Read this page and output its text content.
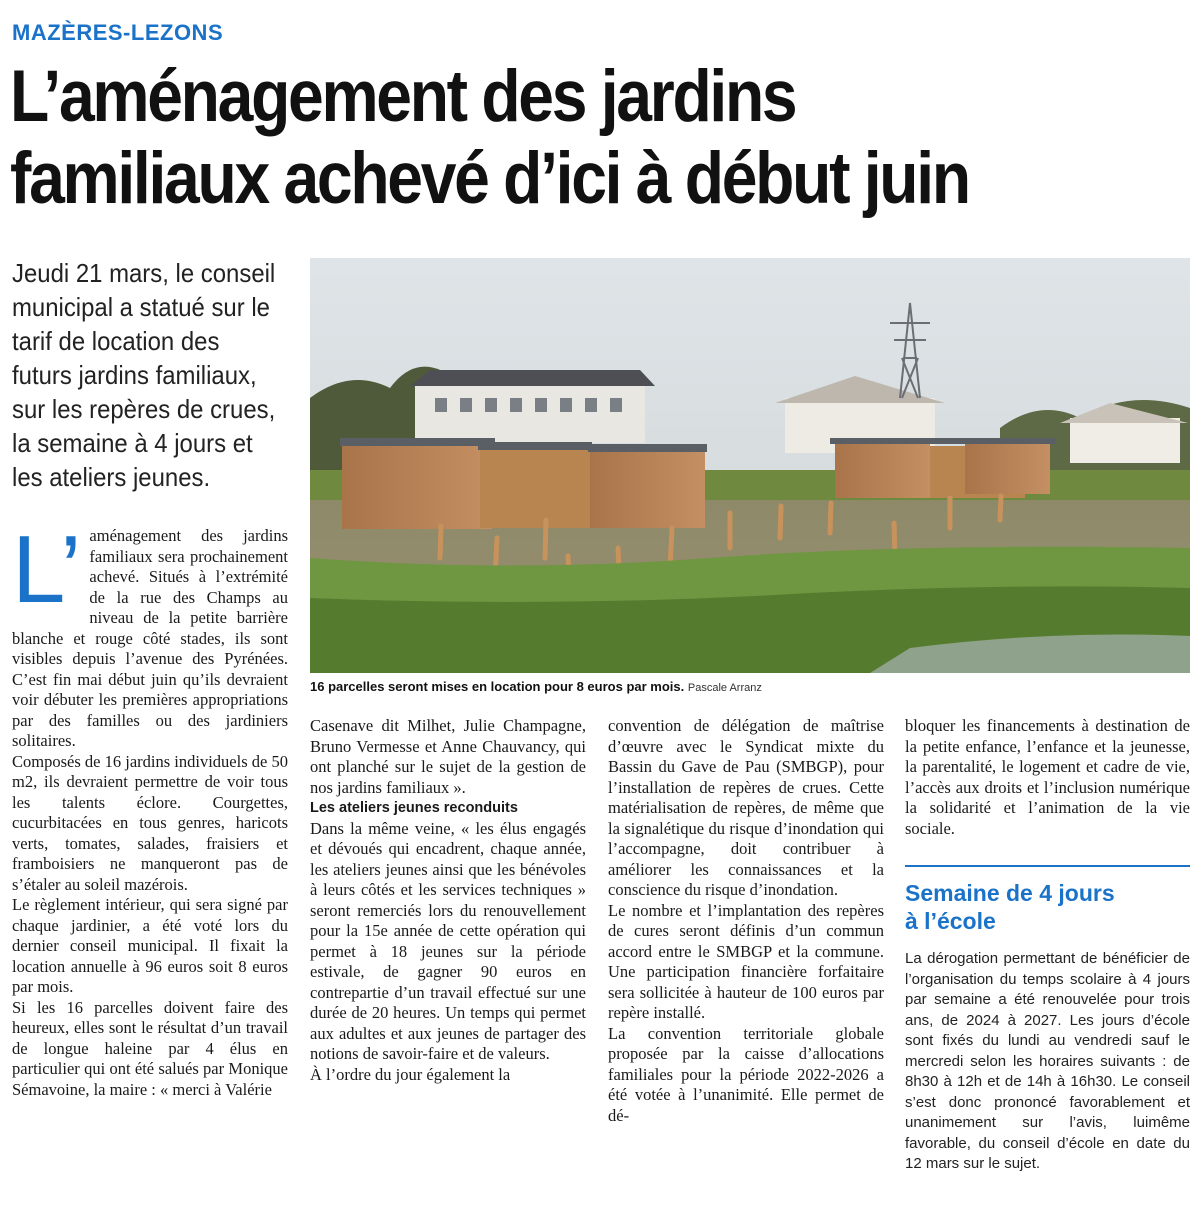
MAZÈRES-LEZONS
L’aménagement des jardins
familiaux achevé d’ici à début juin

Jeudi 21 mars, le conseil municipal a statué sur le tarif de location des futurs jardins familiaux, sur les repères de crues, la semaine à 4 jours et les ateliers jeunes.

16 parcelles seront mises en location pour 8 euros par mois. Pascale Arranz
L’ aménagement des jardins familiaux sera prochainement achevé. Situés à l’extrémité de la rue des Champs au niveau de la petite barrière blanche et rouge côté stades, ils sont visibles depuis l’avenue des Pyrénées. C’est fin mai début juin qu’ils devraient voir débuter les premières appropriations par des familles ou des jardiniers solitaires.

Composés de 16 jardins individuels de 50 m2, ils devraient permettre de voir tous les talents éclore. Courgettes, cucurbitacées en tous genres, haricots verts, tomates, salades, fraisiers et framboisiers ne manqueront pas de s’étaler au soleil mazérois.

Le règlement intérieur, qui sera signé par chaque jardinier, a été voté lors du dernier conseil municipal. Il fixait la location annuelle à 96 euros soit 8 euros par mois.

Si les 16 parcelles doivent faire des heureux, elles sont le résultat d’un travail de longue haleine par 4 élus en particulier qui ont été salués par Monique Sémavoine, la maire : « merci à Valérie

Casenave dit Milhet, Julie Champagne, Bruno Vermesse et Anne Chauvancy, qui ont planché sur le sujet de la gestion de nos jardins familiaux ».

Les ateliers jeunes reconduits

Dans la même veine, « les élus engagés et dévoués qui encadrent, chaque année, les ateliers jeunes ainsi que les bénévoles à leurs côtés et les services techniques » seront remerciés lors du renouvellement pour la 15e année de cette opération qui permet à 18 jeunes sur la période estivale, de gagner 90 euros en contrepartie d’un travail effectué sur une durée de 20 heures. Un temps qui permet aux adultes et aux jeunes de partager des notions de savoir-faire et de valeurs.

À l’ordre du jour également la

convention de délégation de maîtrise d’œuvre avec le Syndicat mixte du Bassin du Gave de Pau (SMBGP), pour l’installation de repères de crues. Cette matérialisation de repères, de même que la signalétique du risque d’inondation qui l’accompagne, doit contribuer à améliorer les connaissances et la conscience du risque d’inondation.

Le nombre et l’implantation des repères de cures seront définis d’un commun accord entre le SMBGP et la commune. Une participation financière forfaitaire sera sollicitée à hauteur de 100 euros par repère installé.

La convention territoriale globale proposée par la caisse d’allocations familiales pour la période 2022-2026 a été votée à l’unanimité. Elle permet de dé-

bloquer les financements à destination de la petite enfance, l’enfance et la jeunesse, la parentalité, le logement et cadre de vie, l’accès aux droits et l’inclusion numérique la solidarité et l’animation de la vie sociale.

Semaine de 4 jours
à l’école

La dérogation permettant de bénéficier de l’organisation du temps scolaire à 4 jours par semaine a été renouvelée pour trois ans, de 2024 à 2027. Les jours d’école sont fixés du lundi au vendredi sauf le mercredi selon les horaires suivants : de 8h30 à 12h et de 14h à 16h30. Le conseil s’est donc prononcé favorablement et unanimement sur l’avis, luimême favorable, du conseil d’école en date du 12 mars sur le sujet.
